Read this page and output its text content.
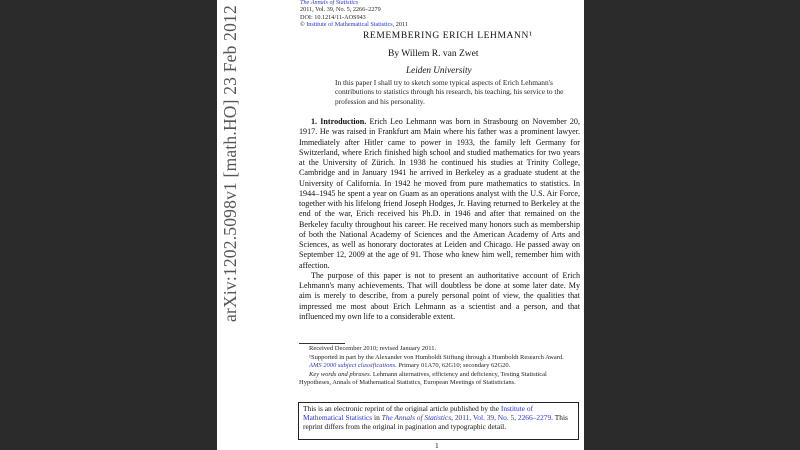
arXiv:1202.5098v1 [math.HO] 23 Feb 2012
The Annals of Statistics
2011, Vol. 39, No. 5, 2266–2279
DOI: 10.1214/11-AOS943
© Institute of Mathematical Statistics, 2011
REMEMBERING ERICH LEHMANN¹
By Willem R. van Zwet
Leiden University
In this paper I shall try to sketch some typical aspects of Erich Lehmann's contributions to statistics through his research, his teaching, his service to the profession and his personality.

1. Introduction. Erich Leo Lehmann was born in Strasbourg on November 20, 1917. He was raised in Frankfurt am Main where his father was a prominent lawyer. Immediately after Hitler came to power in 1933, the family left Germany for Switzerland, where Erich finished high school and studied mathematics for two years at the University of Zürich. In 1938 he continued his studies at Trinity College, Cambridge and in January 1941 he arrived in Berkeley as a graduate student at the University of California. In 1942 he moved from pure mathematics to statistics. In 1944–1945 he spent a year on Guam as an operations analyst with the U.S. Air Force, together with his lifelong friend Joseph Hodges, Jr. Having returned to Berkeley at the end of the war, Erich received his Ph.D. in 1946 and after that remained on the Berkeley faculty throughout his career. He received many honors such as membership of both the National Academy of Sciences and the American Academy of Arts and Sciences, as well as honorary doctorates at Leiden and Chicago. He passed away on September 12, 2009 at the age of 91. Those who knew him well, remember him with affection.

The purpose of this paper is not to present an authoritative account of Erich Lehmann's many achievements. That will doubtless be done at some later date. My aim is merely to describe, from a purely personal point of view, the qualities that impressed me most about Erich Lehmann as a scientist and a person, and that influenced my own life to a considerable extent.

Received December 2010; revised January 2011.
¹Supported in part by the Alexander von Humboldt Stiftung through a Humboldt Research Award.
AMS 2000 subject classifications. Primary 01A70, 62G10; secondary 62G20.
Key words and phrases. Lehmann alternatives, efficiency and deficiency, Testing Statistical Hypotheses, Annals of Mathematical Statistics, European Meetings of Statisticians.
This is an electronic reprint of the original article published by the Institute of Mathematical Statistics in The Annals of Statistics, 2011, Vol. 39, No. 5, 2266–2279. This reprint differs from the original in pagination and typographic detail.
1
